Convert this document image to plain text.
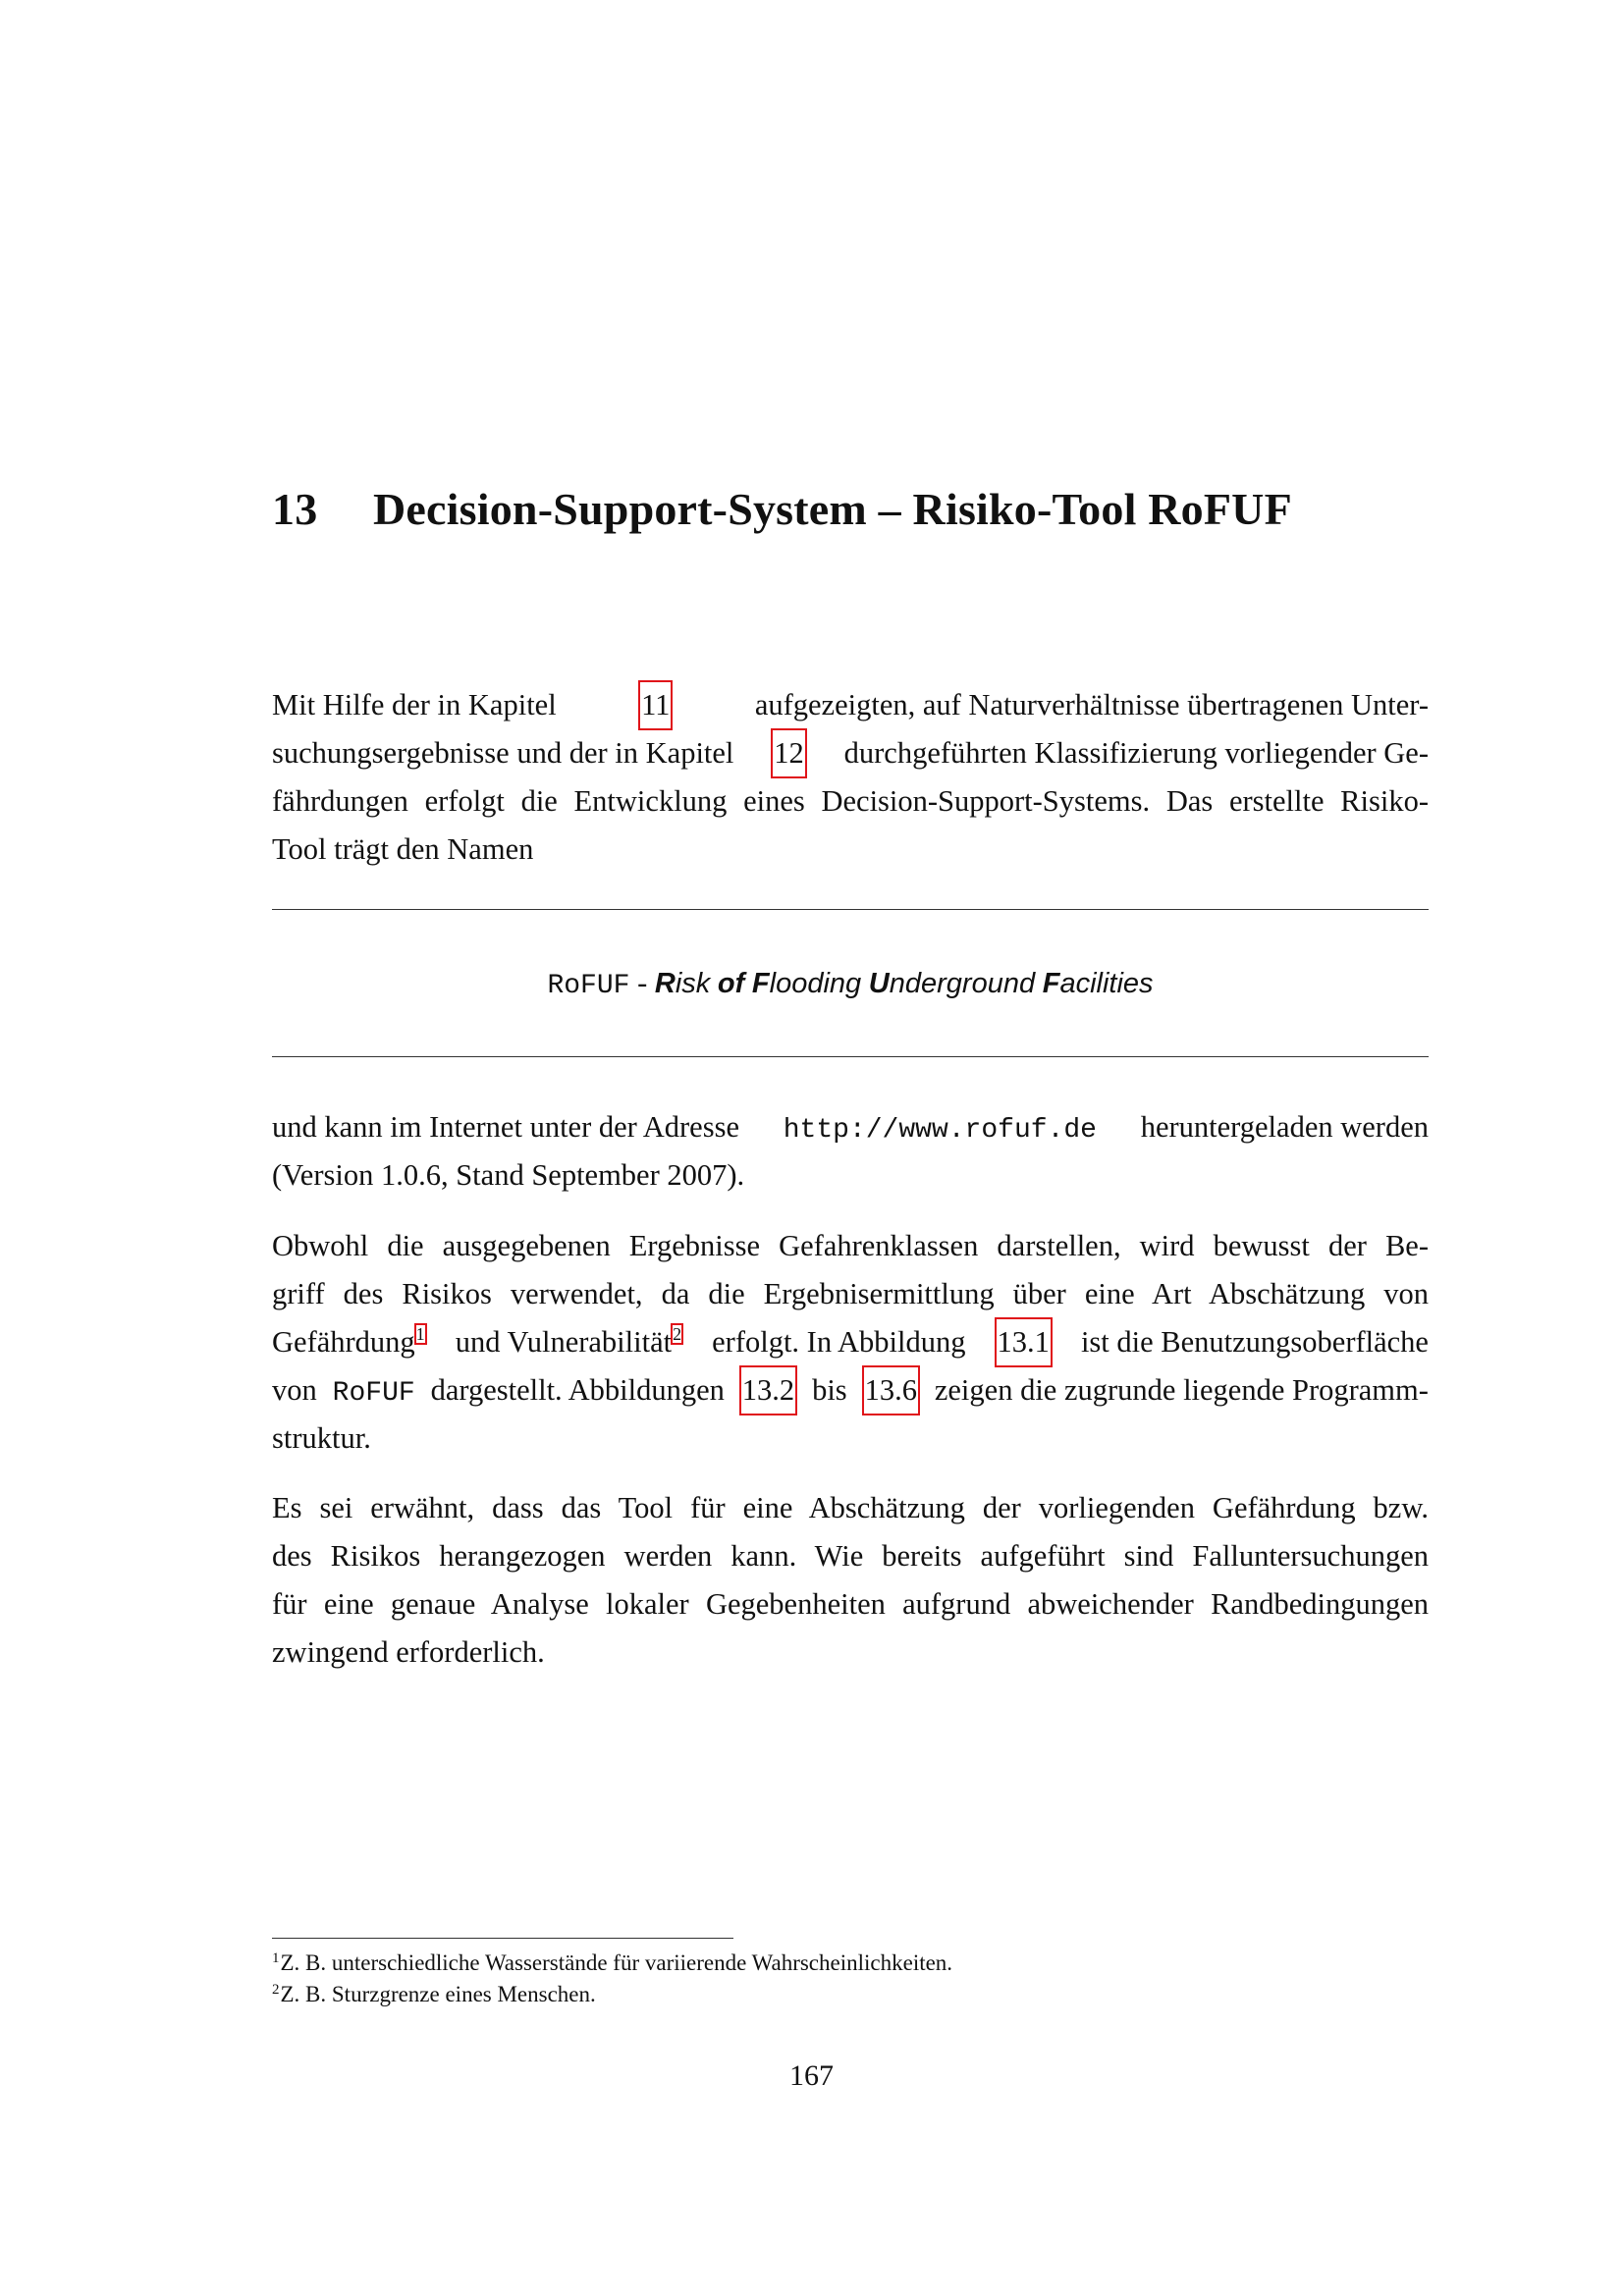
13 Decision-Support-System – Risiko-Tool RoFUF
Mit Hilfe der in Kapitel	11	aufgezeigten, auf Naturverhältnisse übertragenen Unter-
suchungsergebnisse und der in Kapitel 12 durchgeführten Klassifizierung vorliegender Ge-
fährdungen erfolgt die Entwicklung eines Decision-Support-Systems. Das erstellte Risiko-
Tool trägt den Namen
RoFUF - Risk of Flooding Underground Facilities
und kann im Internet unter der Adresse http://www.rofuf.de heruntergeladen werden
(Version 1.0.6, Stand September 2007).
Obwohl die ausgegebenen Ergebnisse Gefahrenklassen darstellen, wird bewusst der Be-
griff des Risikos verwendet, da die Ergebnisermittlung über eine Art Abschätzung von
Gefährdung$^1$ und Vulnerabilität$^2$ erfolgt. In Abbildung 13.1 ist die Benutzungsoberfläche
von RoFUF dargestellt. Abbildungen 13.2 bis 13.6 zeigen die zugrunde liegende Programm-
struktur.
Es sei erwähnt, dass das Tool für eine Abschätzung der vorliegenden Gefährdung bzw.
des Risikos herangezogen werden kann. Wie bereits aufgeführt sind Falluntersuchungen
für eine genaue Analyse lokaler Gegebenheiten aufgrund abweichender Randbedingungen
zwingend erforderlich.
$^1$Z. B. unterschiedliche Wasserstände für variierende Wahrscheinlichkeiten.
$^2$Z. B. Sturzgrenze eines Menschen.
167
